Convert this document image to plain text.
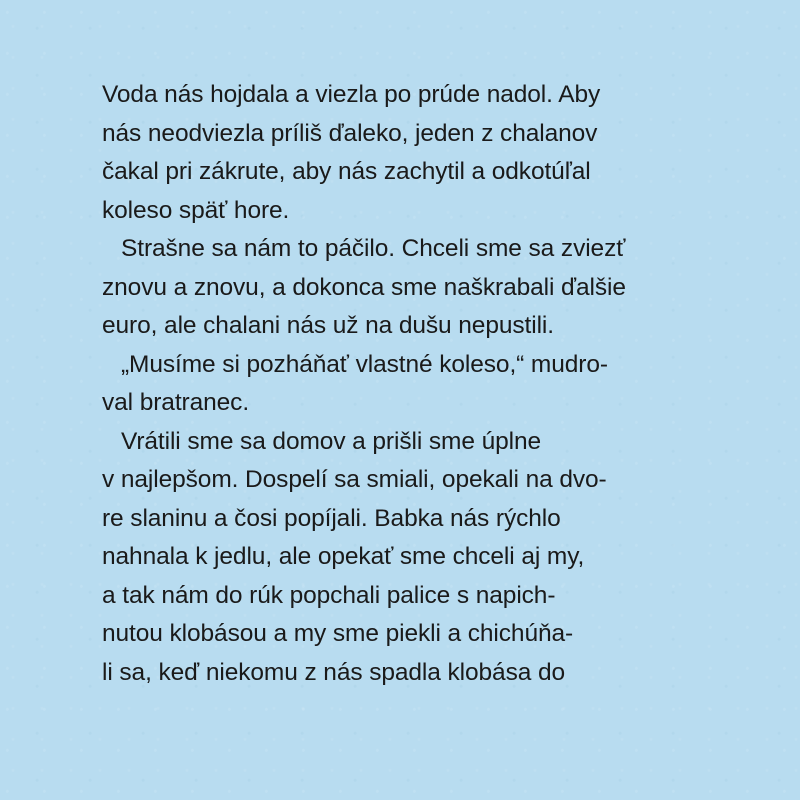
Voda nás hojdala a viezla po prúde nadol. Aby
nás neodviezla príliš ďaleko, jeden z chalanov
čakal pri zákrute, aby nás zachytil a odkotúľal
koleso späť hore.
Strašne sa nám to páčilo. Chceli sme sa zviezť
znovu a znovu, a dokonca sme naškrabali ďalšie
euro, ale chalani nás už na dušu nepustili.
„Musíme si pozháňať vlastné koleso,“ mudro-
val bratranec.
Vrátili sme sa domov a prišli sme úplne
v najlepšom. Dospelí sa smiali, opekali na dvo-
re slaninu a čosi popíjali. Babka nás rýchlo
nahnala k jedlu, ale opekať sme chceli aj my,
a tak nám do rúk popchali palice s napich-
nutou klobásou a my sme piekli a chichúňa-
li sa, keď niekomu z nás spadla klobása do
